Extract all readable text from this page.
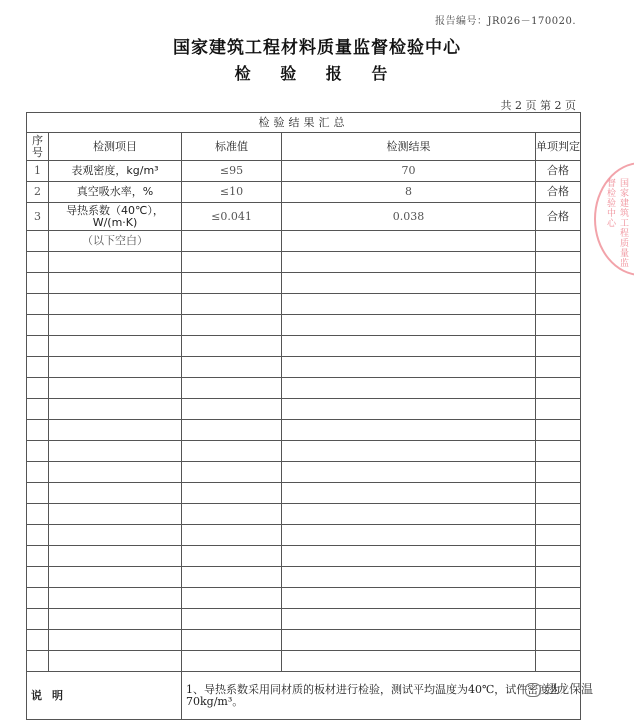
报告编号：JR026－170020.
国家建筑工程材料质量监督检验中心
检 验 报 告
共 2 页 第 2 页
检验结果汇总				
序号	检测项目	标准值	检测结果	单项判定
1	表观密度，kg/m³	≤95	70	合格
2	真空吸水率，%	≤10	8	合格
3	导热系数（40℃），W/(m·K)	≤0.041	0.038	合格
	（以下空白）			

说明		1、导热系数采用同材质的板材进行检验，测试平均温度为40℃，试件密度为70kg/m³。		
国家建筑工程质量监督检验中心
翅龙保温
